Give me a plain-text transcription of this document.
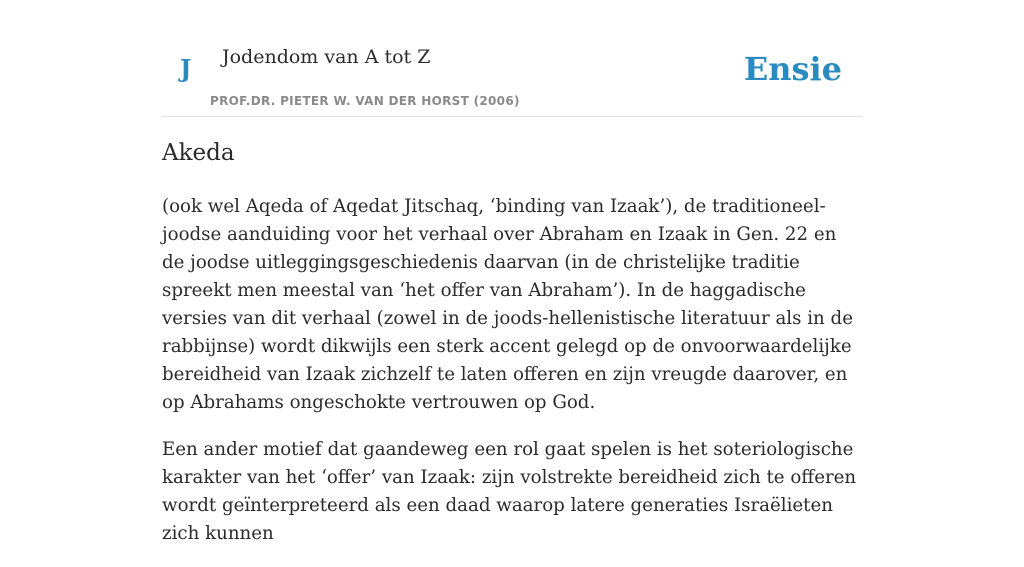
J Jodendom van A tot Z
PROF.DR. PIETER W. VAN DER HORST (2006)
Ensie
Akeda

(ook wel Aqeda of Aqedat Jitschaq, ‘binding van Izaak’), de traditioneel-joodse aanduiding voor het verhaal over Abraham en Izaak in Gen. 22 en de joodse uitleggingsgeschiedenis daarvan (in de christelijke traditie spreekt men meestal van ‘het offer van Abraham’). In de haggadische versies van dit verhaal (zowel in de joods-hellenistische literatuur als in de rabbijnse) wordt dikwijls een sterk accent gelegd op de onvoorwaardelijke bereidheid van Izaak zichzelf te laten offeren en zijn vreugde daarover, en op Abrahams ongeschokte vertrouwen op God.

Een ander motief dat gaandeweg een rol gaat spelen is het soteriologische karakter van het ‘offer’ van Izaak: zijn volstrekte bereidheid zich te offeren wordt geïnterpreteerd als een daad waarop latere generaties Israëlieten zich kunnen
